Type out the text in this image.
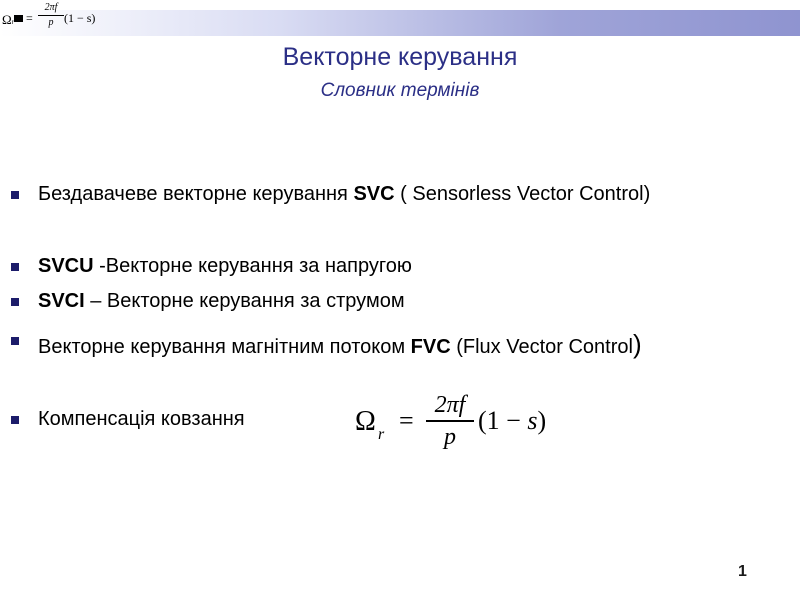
Ωr =
2πf
p (1 − s)
Векторне керування
Словник термінів
Бездавачеве векторне керування SVC ( Sensorless Vector Control)
SVCU -Векторне керування за напругою
SVCI – Векторне керування за струмом
Векторне керування магнітним потоком FVC (Flux Vector Control)
Компенсація ковзання	Ω r =
2πf
p
(1 − s)
1
